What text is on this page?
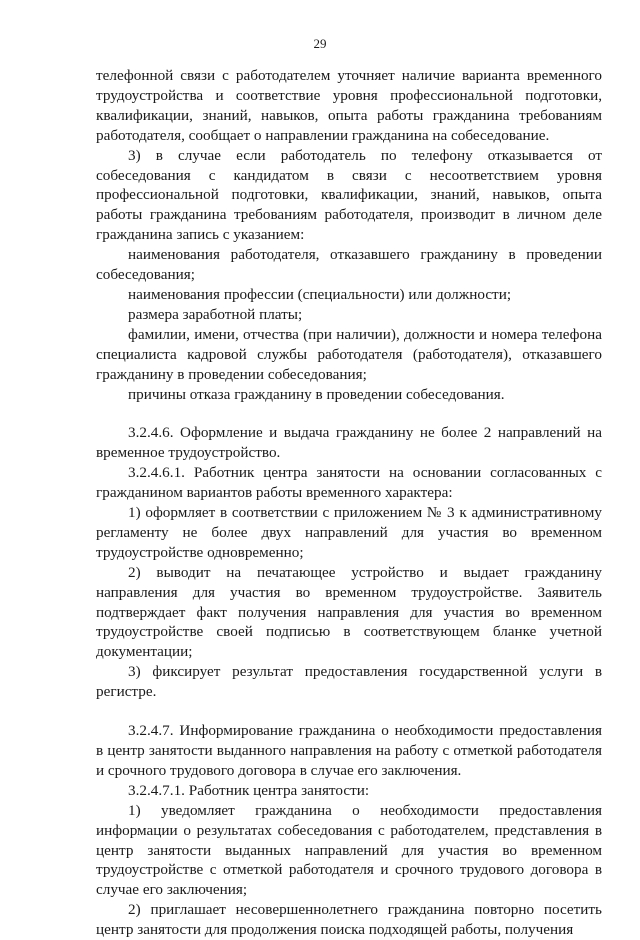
29

телефонной связи с работодателем уточняет наличие варианта временного трудоустройства и соответствие уровня профессиональной подготовки, квалификации, знаний, навыков, опыта работы гражданина требованиям работодателя, сообщает о направлении гражданина на собеседование.

3) в случае если работодатель по телефону отказывается от собеседования с кандидатом в связи с несоответствием уровня профессиональной подготовки, квалификации, знаний, навыков, опыта работы гражданина требованиям работодателя, производит в личном деле гражданина запись с указанием:

наименования работодателя, отказавшего гражданину в проведении собеседования;

наименования профессии (специальности) или должности;

размера заработной платы;

фамилии, имени, отчества (при наличии), должности и номера телефона специалиста кадровой службы работодателя (работодателя), отказавшего гражданину в проведении собеседования;

причины отказа гражданину в проведении собеседования.

3.2.4.6. Оформление и выдача гражданину не более 2 направлений на временное трудоустройство.

3.2.4.6.1. Работник центра занятости на основании согласованных с гражданином вариантов работы временного характера:

1) оформляет в соответствии с приложением № 3 к административному регламенту не более двух направлений для участия во временном трудоустройстве одновременно;

2) выводит на печатающее устройство и выдает гражданину направления для участия во временном трудоустройстве. Заявитель подтверждает факт получения направления для участия во временном трудоустройстве своей подписью в соответствующем бланке учетной документации;

3) фиксирует результат предоставления государственной услуги в регистре.

3.2.4.7. Информирование гражданина о необходимости предоставления в центр занятости выданного направления на работу с отметкой работодателя и срочного трудового договора в случае его заключения.

3.2.4.7.1. Работник центра занятости:

1) уведомляет гражданина о необходимости предоставления информации о результатах собеседования с работодателем, представления в центр занятости выданных направлений для участия во временном трудоустройстве с отметкой работодателя и срочного трудового договора в случае его заключения;

2) приглашает несовершеннолетнего гражданина повторно посетить центр занятости для продолжения поиска подходящей работы, получения
